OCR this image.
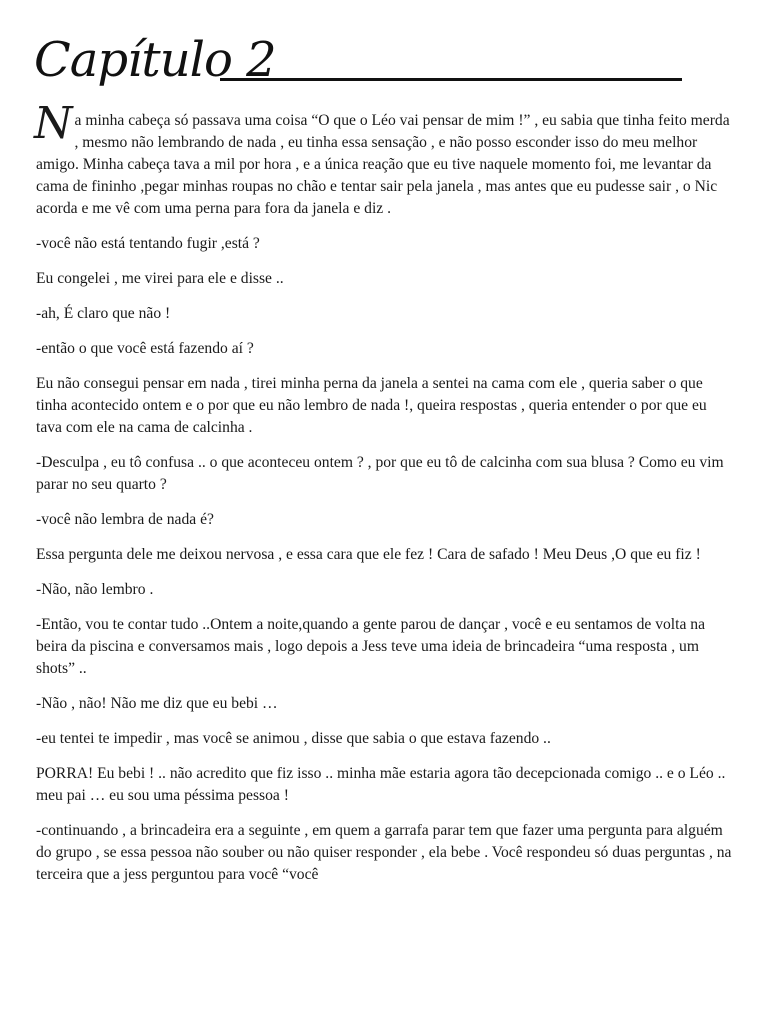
Capítulo 2

Na minha cabeça só passava uma coisa “O que o Léo vai pensar de mim !” , eu sabia que tinha feito merda , mesmo não lembrando de nada , eu tinha essa sensação , e não posso esconder isso do meu melhor amigo. Minha cabeça tava a mil por hora , e a única reação que eu tive naquele momento foi, me levantar da cama de fininho ,pegar minhas roupas no chão e tentar sair pela janela , mas antes que eu pudesse sair , o Nic acorda e me vê com uma perna para fora da janela e diz .

-você não está tentando fugir ,está ?

Eu congelei , me virei para ele e disse ..

-ah, É claro que não !

-então o que você está fazendo aí ?

Eu não consegui pensar em nada , tirei minha perna da janela a sentei na cama com ele , queria saber o que tinha acontecido ontem e o por que eu não lembro de nada !, queira respostas , queria entender o por que eu tava com ele na cama de calcinha .

-Desculpa , eu tô confusa .. o que aconteceu ontem ? , por que eu tô de calcinha com sua blusa ? Como eu vim parar no seu quarto ?

-você não lembra de nada é?

Essa pergunta dele me deixou nervosa , e essa cara que ele fez ! Cara de safado ! Meu Deus ,O que eu fiz !

-Não, não lembro .

-Então, vou te contar tudo ..Ontem a noite,quando a gente parou de dançar , você e eu sentamos de volta na beira da piscina e conversamos mais , logo depois a Jess teve uma ideia de brincadeira “uma resposta , um shots” ..

-Não , não! Não me diz que eu bebi …

-eu tentei te impedir , mas você se animou , disse que sabia o que estava fazendo ..

PORRA! Eu bebi ! .. não acredito que fiz isso .. minha mãe estaria agora tão decepcionada comigo .. e o Léo .. meu pai … eu sou uma péssima pessoa !

-continuando , a brincadeira era a seguinte , em quem a garrafa parar tem que fazer uma pergunta para alguém do grupo , se essa pessoa não souber ou não quiser responder , ela bebe . Você respondeu só duas perguntas , na terceira que a jess perguntou para você “você
